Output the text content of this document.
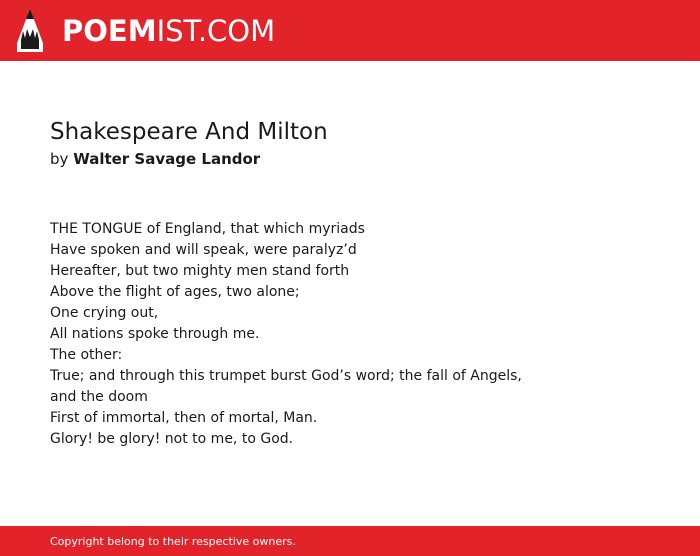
POEM IST.COM
Shakespeare And Milton
by Walter Savage Landor
THE TONGUE of England, that which myriads
Have spoken and will speak, were paralyz’d
Hereafter, but two mighty men stand forth
Above the flight of ages, two alone;
One crying out,
All nations spoke through me.
The other:
True; and through this trumpet burst God’s word; the fall of Angels, and the doom
First of immortal, then of mortal, Man.
Glory! be glory! not to me, to God.
Copyright belong to their respective owners.
